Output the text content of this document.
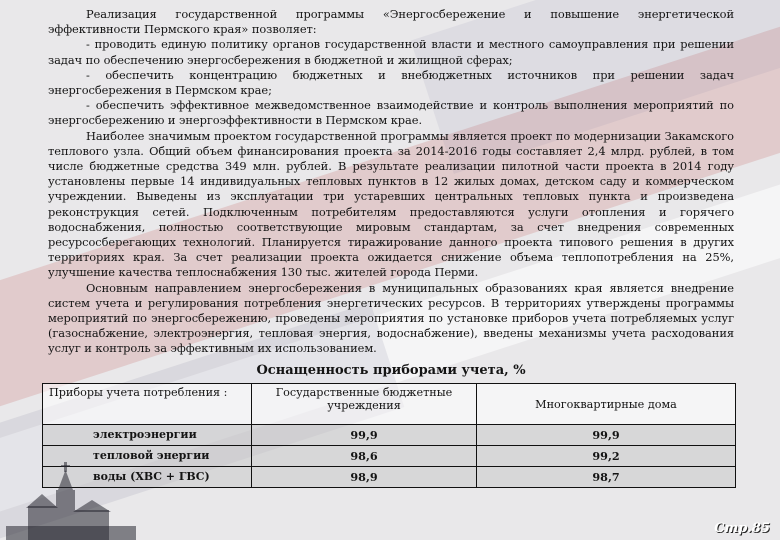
Реализация государственной программы «Энергосбережение и повышение энергетической эффективности Пермского края» позволяет:

- проводить единую политику органов государственной власти и местного самоуправления при решении задач по обеспечению энергосбережения в бюджетной и жилищной сферах;

- обеспечить концентрацию бюджетных и внебюджетных источников при решении задач энергосбережения в Пермском крае;

- обеспечить эффективное межведомственное взаимодействие и контроль выполнения мероприятий по энергосбережению и энергоэффективности в Пермском крае.

Наиболее значимым проектом государственной программы является проект по модернизации Закамского теплового узла. Общий объем финансирования проекта за 2014-2016 годы составляет 2,4 млрд. рублей, в том числе бюджетные средства 349 млн. рублей. В результате реализации пилотной части проекта в 2014 году установлены первые 14 индивидуальных тепловых пунктов в 12 жилых домах, детском саду и коммерческом учреждении. Выведены из эксплуатации три устаревших центральных тепловых пункта и произведена реконструкция сетей. Подключенным потребителям предоставляются услуги отопления и горячего водоснабжения, полностью соответствующие мировым стандартам, за счет внедрения современных ресурсосберегающих технологий. Планируется тиражирование данного проекта типового решения в других территориях края. За счет реализации проекта ожидается снижение объема теплопотребления на 25%, улучшение качества теплоснабжения 130 тыс. жителей города Перми.

Основным направлением энергосбережения в муниципальных образованиях края является внедрение систем учета и регулирования потребления энергетических ресурсов. В территориях утверждены программы мероприятий по энергосбережению, проведены мероприятия по установке приборов учета потребляемых услуг (газоснабжение, электроэнергия, тепловая энергия, водоснабжение), введены механизмы учета расходования услуг и контроль за эффективным их использованием.

Оснащенность приборами учета, %
Приборы учета потребления :	Государственные бюджетные учреждения	Многоквартирные дома
электроэнергии	99,9	99,9
тепловой энергии	98,6	99,2
воды (ХВС + ГВС)	98,9	98,7
Стр.85
